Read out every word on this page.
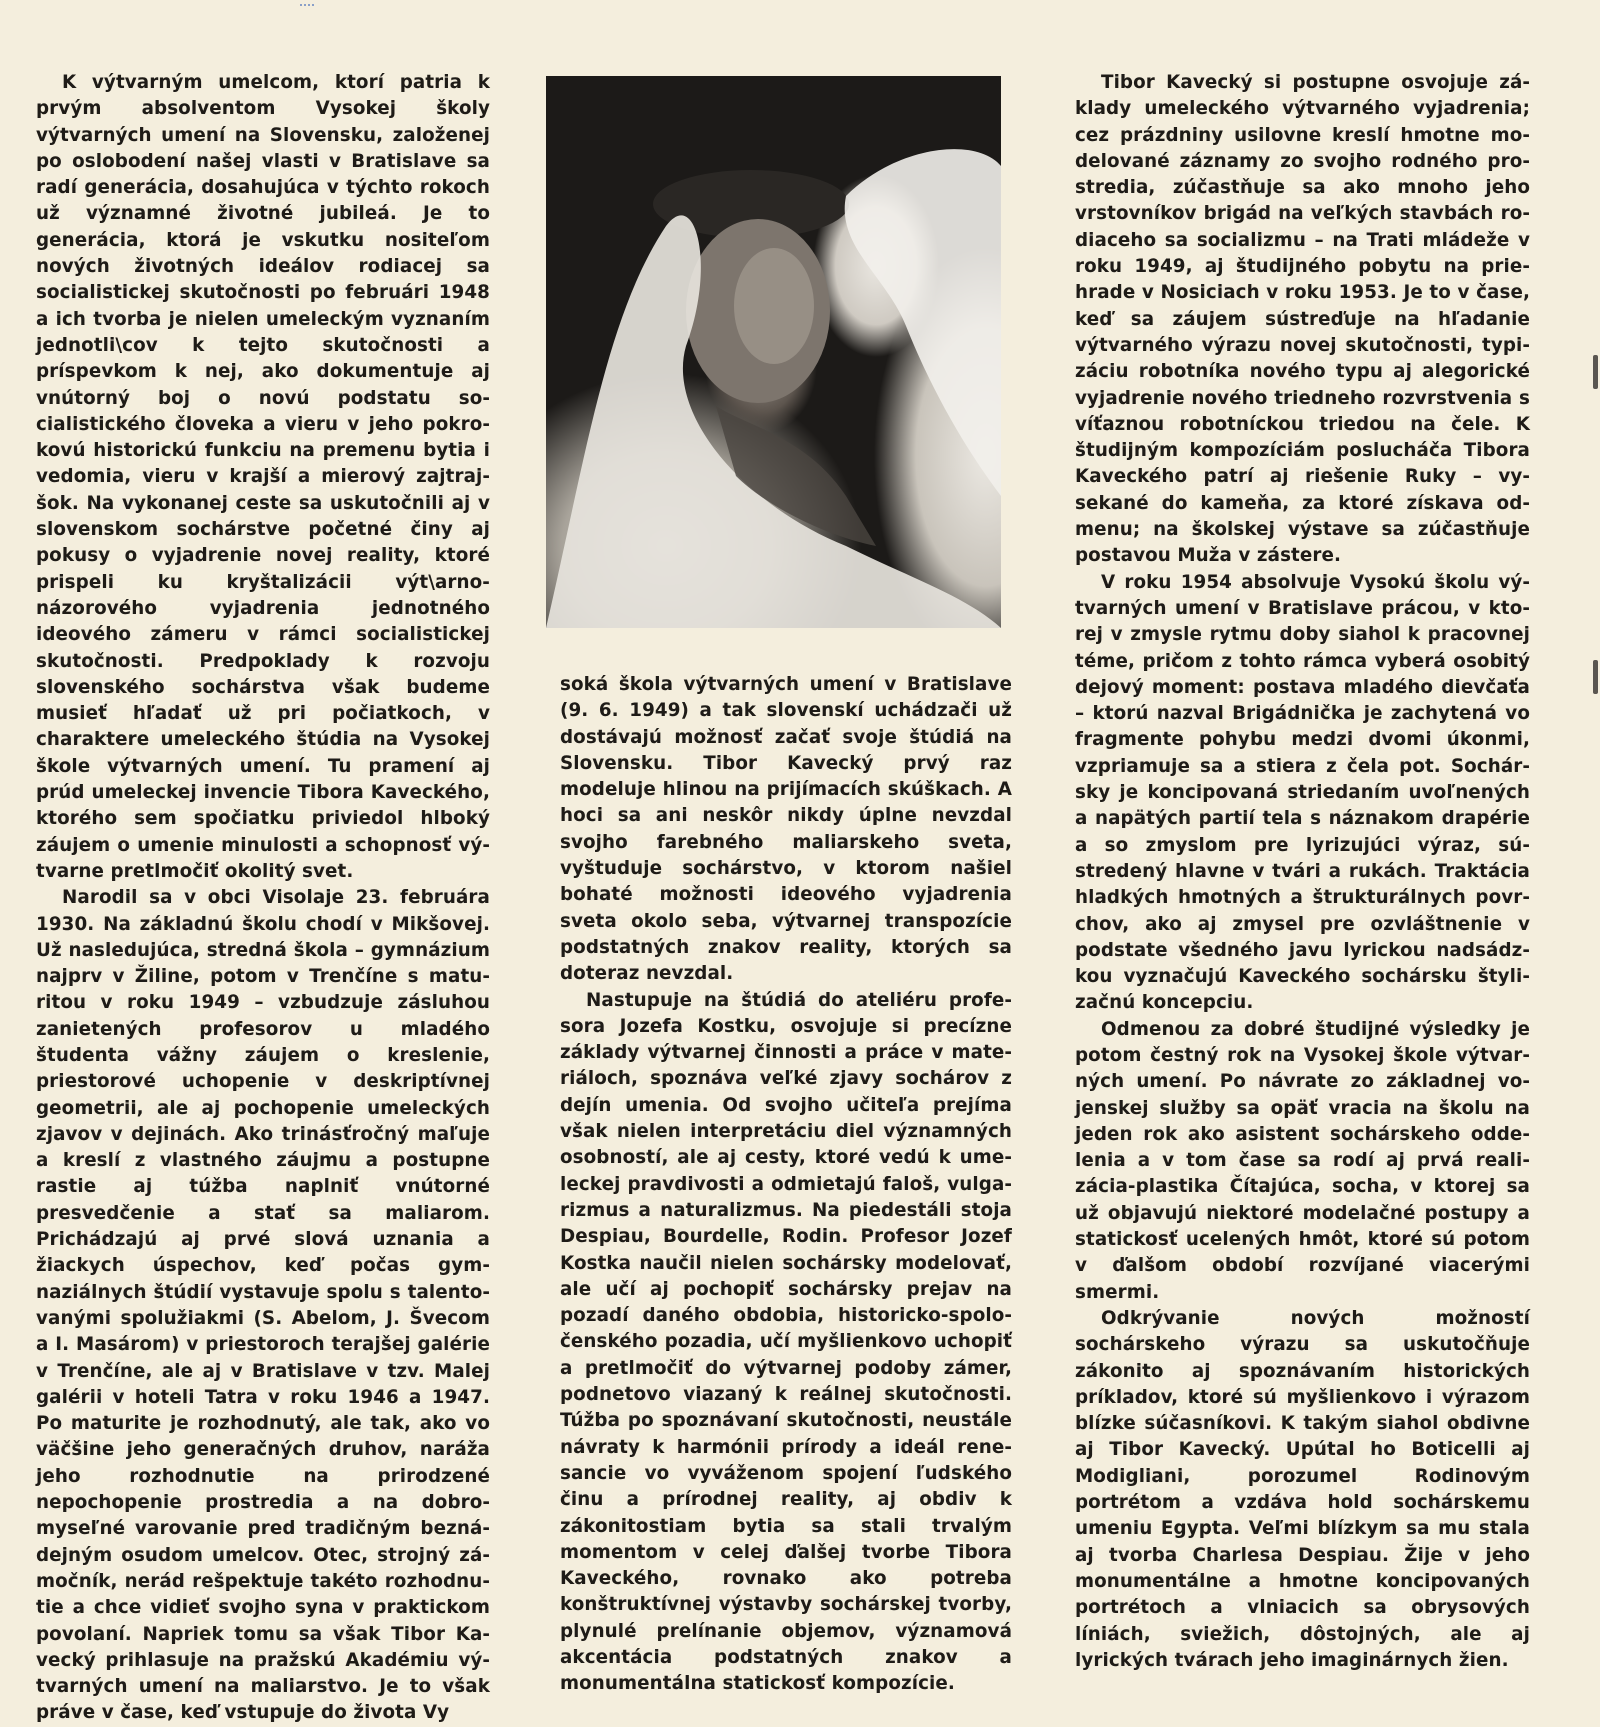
K výtvarným umelcom, ktorí patria k prvým absolventom Vysokej školy výtvarných umení na Slovensku, založenej po oslobodení našej vlasti v Bratislave sa radí generácia, dosahujúca v týchto rokoch už významné životné jubileá. Je to generácia, ktorá je vskutku nositeľom nových životných ideálov rodiacej sa socialistickej skutočnosti po februári 1948 a ich tvorba je nielen umeleckým vyznaním jednotli\cov k tejto skutočnosti a príspevkom k nej, ako dokumentuje aj vnútorný boj o novú podstatu socialistického človeka a vieru v jeho pokrokovú historickú funkciu na premenu bytia i vedomia, vieru v krajší a mierový zajtrajšok. Na vykonanej ceste sa uskutočnili aj v slovenskom sochárstve početné činy aj pokusy o vyjadrenie novej reality, ktoré prispeli ku kryštalizácii výt\arno-názorového vyjadrenia jednotného ideového zámeru v rámci socialistickej skutočnosti. Predpoklady k rozvoju slovenského sochárstva však budeme musieť hľadať už pri počiatkoch, v charaktere umeleckého štúdia na Vysokej škole výtvarných umení. Tu pramení aj prúd umeleckej invencie Tibora Kaveckého, ktorého sem spočiatku priviedol hlboký záujem o umenie minulosti a schopnosť výtvarne pretlmočiť okolitý svet.

Narodil sa v obci Visolaje 23. februára 1930. Na základnú školu chodí v Mikšovej. Už nasledujúca, stredná škola – gymnázium najprv v Žiline, potom v Trenčíne s maturitou v roku 1949 – vzbudzuje zásluhou zanietených profesorov u mladého študenta vážny záujem o kreslenie, priestorové uchopenie v deskriptívnej geometrii, ale aj pochopenie umeleckých zjavov v dejinách. Ako trinásťročný maľuje a kreslí z vlastného záujmu a postupne rastie aj túžba naplniť vnútorné presvedčenie a stať sa maliarom. Prichádzajú aj prvé slová uznania a žiackych úspechov, keď počas gymnaziálnych štúdií vystavuje spolu s talentovanými spolužiakmi (S. Abelom, J. Švecom a I. Masárom) v priestoroch terajšej galérie v Trenčíne, ale aj v Bratislave v tzv. Malej galérii v hoteli Tatra v roku 1946 a 1947. Po maturite je rozhodnutý, ale tak, ako vo väčšine jeho generačných druhov, naráža jeho rozhodnutie na prirodzené nepochopenie prostredia a na dobromyseľné varovanie pred tradičným beznádejným osudom umelcov. Otec, strojný zámočník, nerád rešpektuje takéto rozhodnutie a chce vidieť svojho syna v praktickom povolaní. Napriek tomu sa však Tibor Kavecký prihlasuje na pražskú Akadémiu výtvarných umení na maliarstvo. Je to však práve v čase, keď vstupuje do života Vy

soká škola výtvarných umení v Bratislave (9. 6. 1949) a tak slovenskí uchádzači už dostávajú možnosť začať svoje štúdiá na Slovensku. Tibor Kavecký prvý raz modeluje hlinou na prijímacích skúškach. A hoci sa ani neskôr nikdy úplne nevzdal svojho farebného maliarskeho sveta, vyštuduje sochárstvo, v ktorom našiel bohaté možnosti ideového vyjadrenia sveta okolo seba, výtvarnej transpozície podstatných znakov reality, ktorých sa doteraz nevzdal.

Nastupuje na štúdiá do ateliéru profesora Jozefa Kostku, osvojuje si precízne základy výtvarnej činnosti a práce v materiáloch, spoznáva veľké zjavy sochárov z dejín umenia. Od svojho učiteľa prejíma však nielen interpretáciu diel významných osobností, ale aj cesty, ktoré vedú k umeleckej pravdivosti a odmietajú faloš, vulgarizmus a naturalizmus. Na piedestáli stoja Despiau, Bourdelle, Rodin. Profesor Jozef Kostka naučil nielen sochársky modelovať, ale učí aj pochopiť sochársky prejav na pozadí daného obdobia, historicko-spoločenského pozadia, učí myšlienkovo uchopiť a pretlmočiť do výtvarnej podoby zámer, podnetovo viazaný k reálnej skutočnosti. Túžba po spoznávaní skutočnosti, neustále návraty k harmónii prírody a ideál renesancie vo vyváženom spojení ľudského činu a prírodnej reality, aj obdiv k zákonitostiam bytia sa stali trvalým momentom v celej ďalšej tvorbe Tibora Kaveckého, rovnako ako potreba konštruktívnej výstavby sochárskej tvorby, plynulé prelínanie objemov, významová akcentácia podstatných znakov a monumentálna statickosť kompozície.

Tibor Kavecký si postupne osvojuje základy umeleckého výtvarného vyjadrenia; cez prázdniny usilovne kreslí hmotne modelované záznamy zo svojho rodného prostredia, zúčastňuje sa ako mnoho jeho vrstovníkov brigád na veľkých stavbách rodiaceho sa socializmu – na Trati mládeže v roku 1949, aj študijného pobytu na priehrade v Nosiciach v roku 1953. Je to v čase, keď sa záujem sústreďuje na hľadanie výtvarného výrazu novej skutočnosti, typizáciu robotníka nového typu aj alegorické vyjadrenie nového triedneho rozvrstvenia s víťaznou robotníckou triedou na čele. K študijným kompozíciám poslucháča Tibora Kaveckého patrí aj riešenie Ruky – vysekané do kameňa, za ktoré získava odmenu; na školskej výstave sa zúčastňuje postavou Muža v zástere.

V roku 1954 absolvuje Vysokú školu výtvarných umení v Bratislave prácou, v ktorej v zmysle rytmu doby siahol k pracovnej téme, pričom z tohto rámca vyberá osobitý dejový moment: postava mladého dievčaťa – ktorú nazval Brigádnička je zachytená vo fragmente pohybu medzi dvomi úkonmi, vzpriamuje sa a stiera z čela pot. Sochársky je koncipovaná striedaním uvoľnených a napätých partií tela s náznakom drapérie a so zmyslom pre lyrizujúci výraz, sústredený hlavne v tvári a rukách. Traktácia hladkých hmotných a štrukturálnych povrchov, ako aj zmysel pre ozvláštnenie v podstate všedného javu lyrickou nadsádzkou vyznačujú Kaveckého sochársku štylizačnú koncepciu.

Odmenou za dobré študijné výsledky je potom čestný rok na Vysokej škole výtvarných umení. Po návrate zo základnej vojenskej služby sa opäť vracia na školu na jeden rok ako asistent sochárskeho oddelenia a v tom čase sa rodí aj prvá realizácia-plastika Čítajúca, socha, v ktorej sa už objavujú niektoré modelačné postupy a statickosť ucelených hmôt, ktoré sú potom v ďalšom období rozvíjané viacerými smermi.

Odkrývanie nových možností sochárskeho výrazu sa uskutočňuje zákonito aj spoznávaním historických príkladov, ktoré sú myšlienkovo i výrazom blízke súčasníkovi. K takým siahol obdivne aj Tibor Kavecký. Upútal ho Boticelli aj Modigliani, porozumel Rodinovým portrétom a vzdáva hold sochárskemu umeniu Egypta. Veľmi blízkym sa mu stala aj tvorba Charlesa Despiau. Žije v jeho monumentálne a hmotne koncipovaných portrétoch a vlniacich sa obrysových líniách, sviežich, dôstojných, ale aj lyrických tvárach jeho imaginárnych žien.
